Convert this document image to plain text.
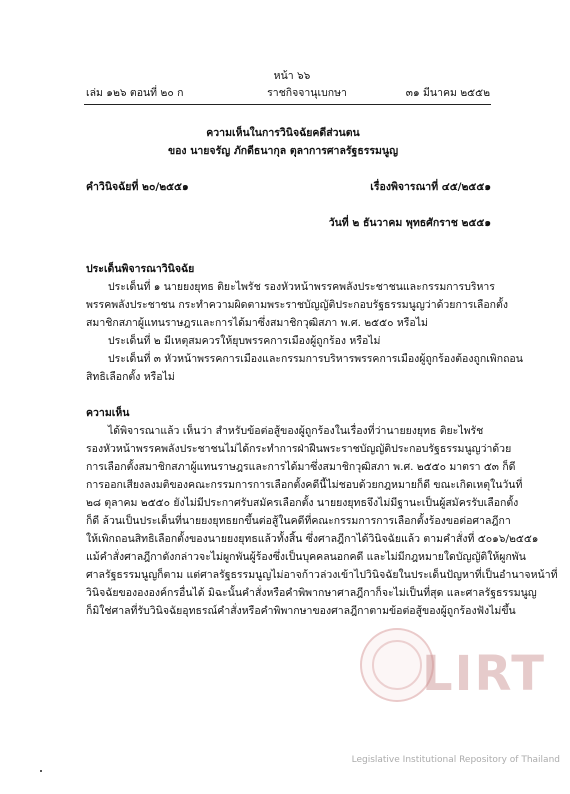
หน้า ๖๖
เล่ม ๑๒๖ ตอนที่ ๒๐ ก	ราชกิจจานุเบกษา	๓๑ มีนาคม ๒๕๕๒
ความเห็นในการวินิจฉัยคดีส่วนตน
ของ นายจรัญ ภักดีธนากุล ตุลาการศาลรัฐธรรมนูญ
คำวินิจฉัยที่ ๒๐/๒๕๕๑	เรื่องพิจารณาที่ ๔๕/๒๕๕๑
วันที่ ๒ ธันวาคม พุทธศักราช ๒๕๕๑
ประเด็นพิจารณาวินิจฉัย
ประเด็นที่ ๑ นายยงยุทธ ติยะไพรัช รองหัวหน้าพรรคพลังประชาชนและกรรมการบริหาร
พรรคพลังประชาชน กระทำความผิดตามพระราชบัญญัติประกอบรัฐธรรมนูญว่าด้วยการเลือกตั้ง
สมาชิกสภาผู้แทนราษฎรและการได้มาซึ่งสมาชิกวุฒิสภา พ.ศ. ๒๕๕๐ หรือไม่
ประเด็นที่ ๒ มีเหตุสมควรให้ยุบพรรคการเมืองผู้ถูกร้อง หรือไม่
ประเด็นที่ ๓ หัวหน้าพรรคการเมืองและกรรมการบริหารพรรคการเมืองผู้ถูกร้องต้องถูกเพิกถอน
สิทธิเลือกตั้ง หรือไม่
ความเห็น
ได้พิจารณาแล้ว เห็นว่า สำหรับข้อต่อสู้ของผู้ถูกร้องในเรื่องที่ว่านายยงยุทธ ติยะไพรัช
รองหัวหน้าพรรคพลังประชาชนไม่ได้กระทำการฝ่าฝืนพระราชบัญญัติประกอบรัฐธรรมนูญว่าด้วย
การเลือกตั้งสมาชิกสภาผู้แทนราษฎรและการได้มาซึ่งสมาชิกวุฒิสภา พ.ศ. ๒๕๕๐ มาตรา ๕๓ ก็ดี
การออกเสียงลงมติของคณะกรรมการการเลือกตั้งคดีนี้ไม่ชอบด้วยกฎหมายก็ดี ขณะเกิดเหตุในวันที่
๒๘ ตุลาคม ๒๕๕๐ ยังไม่มีประกาศรับสมัครเลือกตั้ง นายยงยุทธจึงไม่มีฐานะเป็นผู้สมัครรับเลือกตั้ง
ก็ดี ล้วนเป็นประเด็นที่นายยงยุทธยกขึ้นต่อสู้ในคดีที่คณะกรรมการการเลือกตั้งร้องขอต่อศาลฎีกา
ให้เพิกถอนสิทธิเลือกตั้งของนายยงยุทธแล้วทั้งสิ้น ซึ่งศาลฎีกาได้วินิจฉัยแล้ว ตามคำสั่งที่ ๕๐๑๖/๒๕๕๑
แม้คำสั่งศาลฎีกาดังกล่าวจะไม่ผูกพันผู้ร้องซึ่งเป็นบุคคลนอกคดี และไม่มีกฎหมายใดบัญญัติให้ผูกพัน
ศาลรัฐธรรมนูญก็ตาม แต่ศาลรัฐธรรมนูญไม่อาจก้าวล่วงเข้าไปวินิจฉัยในประเด็นปัญหาที่เป็นอำนาจหน้าที่
วินิจฉัยของององค์กรอื่นได้ มิฉะนั้นคำสั่งหรือคำพิพากษาศาลฎีกาก็จะไม่เป็นที่สุด และศาลรัฐธรรมนูญ
ก็มิใช่ศาลที่รับวินิจฉัยอุทธรณ์คำสั่งหรือคำพิพากษาของศาลฎีกาตามข้อต่อสู้ของผู้ถูกร้องฟังไม่ขึ้น
LIRT
Legislative Institutional Repository of Thailand
